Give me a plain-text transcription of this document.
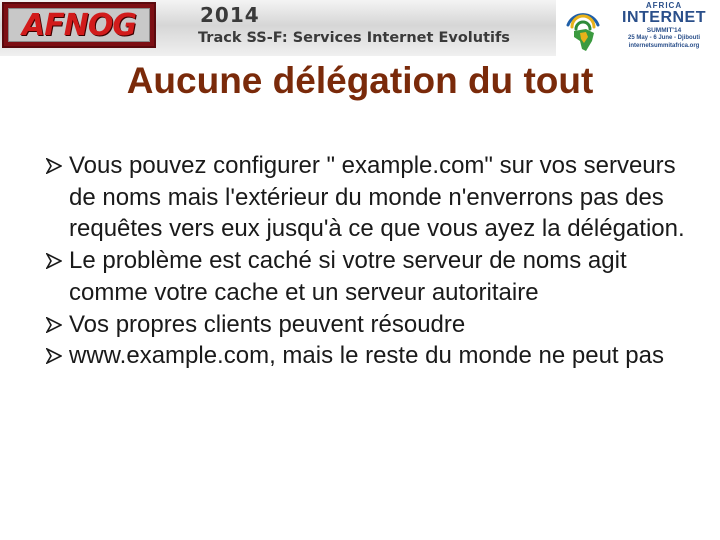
AFNOG	2014
Track SS-F: Services Internet Evolutifs
AFRICA
INTERNET
SUMMIT'14
25 May - 6 June - Djibouti
internetsummitafrica.org
Aucune délégation du tout
Vous pouvez configurer " example.com" sur vos serveurs de noms mais l'extérieur du monde n'enverrons pas des requêtes vers eux jusqu'à ce que vous ayez la délégation.
Le problème est caché si votre serveur de noms agit comme votre cache et un serveur autoritaire
Vos propres clients peuvent résoudre
www.example.com, mais le reste du monde ne peut pas
